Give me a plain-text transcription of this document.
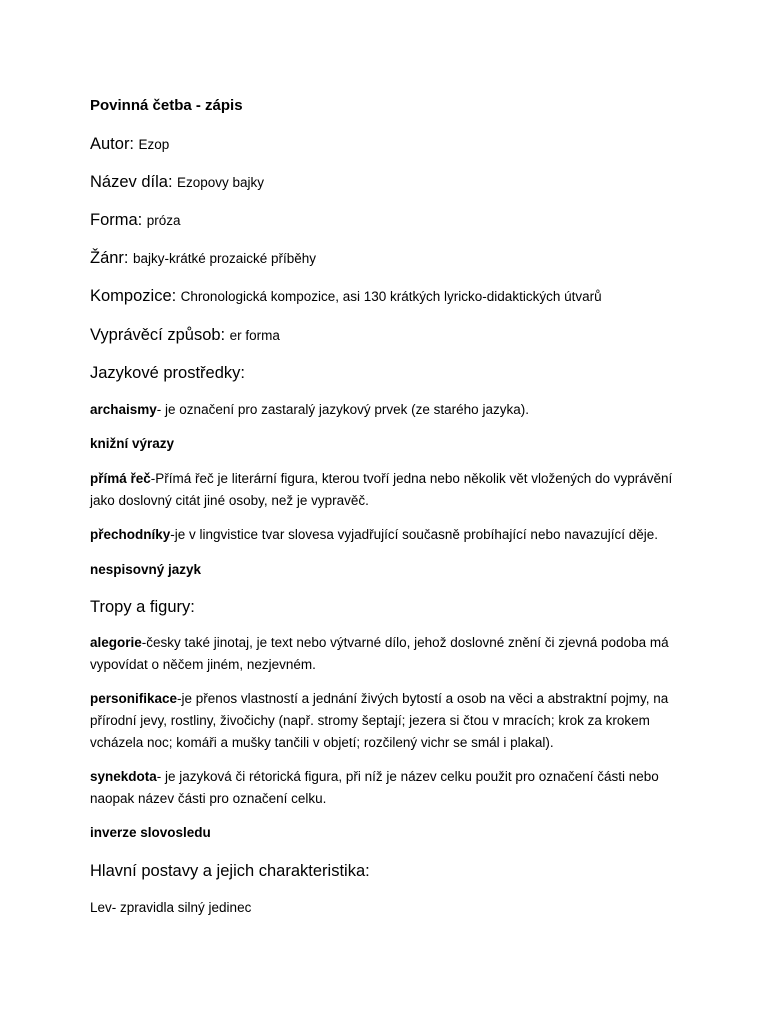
Povinná četba - zápis
Autor: Ezop
Název díla: Ezopovy bajky
Forma: próza
Žánr: bajky-krátké prozaické příběhy
Kompozice: Chronologická kompozice, asi 130 krátkých lyricko-didaktických útvarů
Vyprávěcí způsob: er forma
Jazykové prostředky:
archaismy- je označení pro zastaralý jazykový prvek (ze starého jazyka).
knižní výrazy
přímá řeč-Přímá řeč je literární figura, kterou tvoří jedna nebo několik vět vložených do vyprávění jako doslovný citát jiné osoby, než je vypravěč.
přechodníky-je v lingvistice tvar slovesa vyjadřující současně probíhající nebo navazující děje.
nespisovný jazyk
Tropy a figury:
alegorie-česky také jinotaj, je text nebo výtvarné dílo, jehož doslovné znění či zjevná podoba má vypovídat o něčem jiném, nezjevném.
personifikace-je přenos vlastností a jednání živých bytostí a osob na věci a abstraktní pojmy, na přírodní jevy, rostliny, živočichy (např. stromy šeptají; jezera si čtou v mracích; krok za krokem vcházela noc; komáři a mušky tančili v objetí; rozčilený vichr se smál i plakal).
synekdota- je jazyková či rétorická figura, při níž je název celku použit pro označení části nebo naopak název části pro označení celku.
inverze slovosledu
Hlavní postavy a jejich charakteristika:
Lev- zpravidla silný jedinec
